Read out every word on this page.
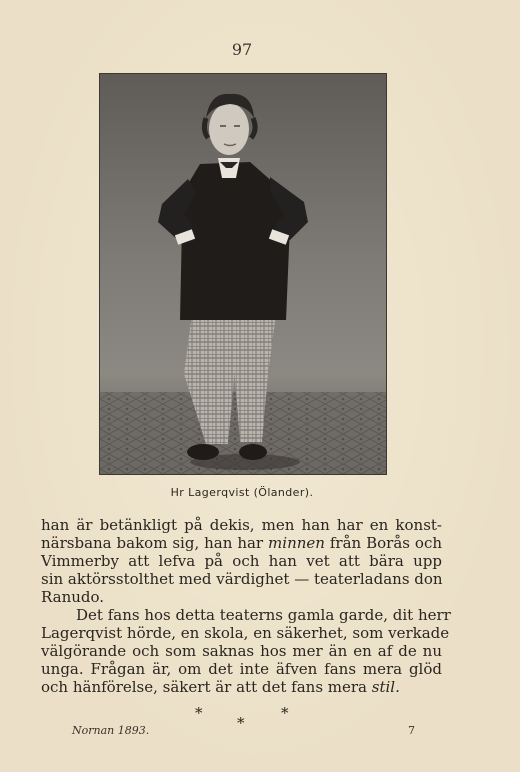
97
Hr Lagerqvist (Ölander).
han är betänkligt på dekis, men han har en konst-
närsbana bakom sig, han har minnen från Borås och
Vimmerby att lefva på och han vet att bära upp
sin aktörsstolthet med värdighet — teaterladans don
Ranudo.
Det fans hos detta teaterns gamla garde, dit herr
Lagerqvist hörde, en skola, en säkerhet, som verkade
välgörande och som saknas hos mer än en af de nu
unga. Frågan är, om det inte äfven fans mera glöd
och hänförelse, säkert är att det fans mera stil.
*
*
*
Nornan 1893.	7
